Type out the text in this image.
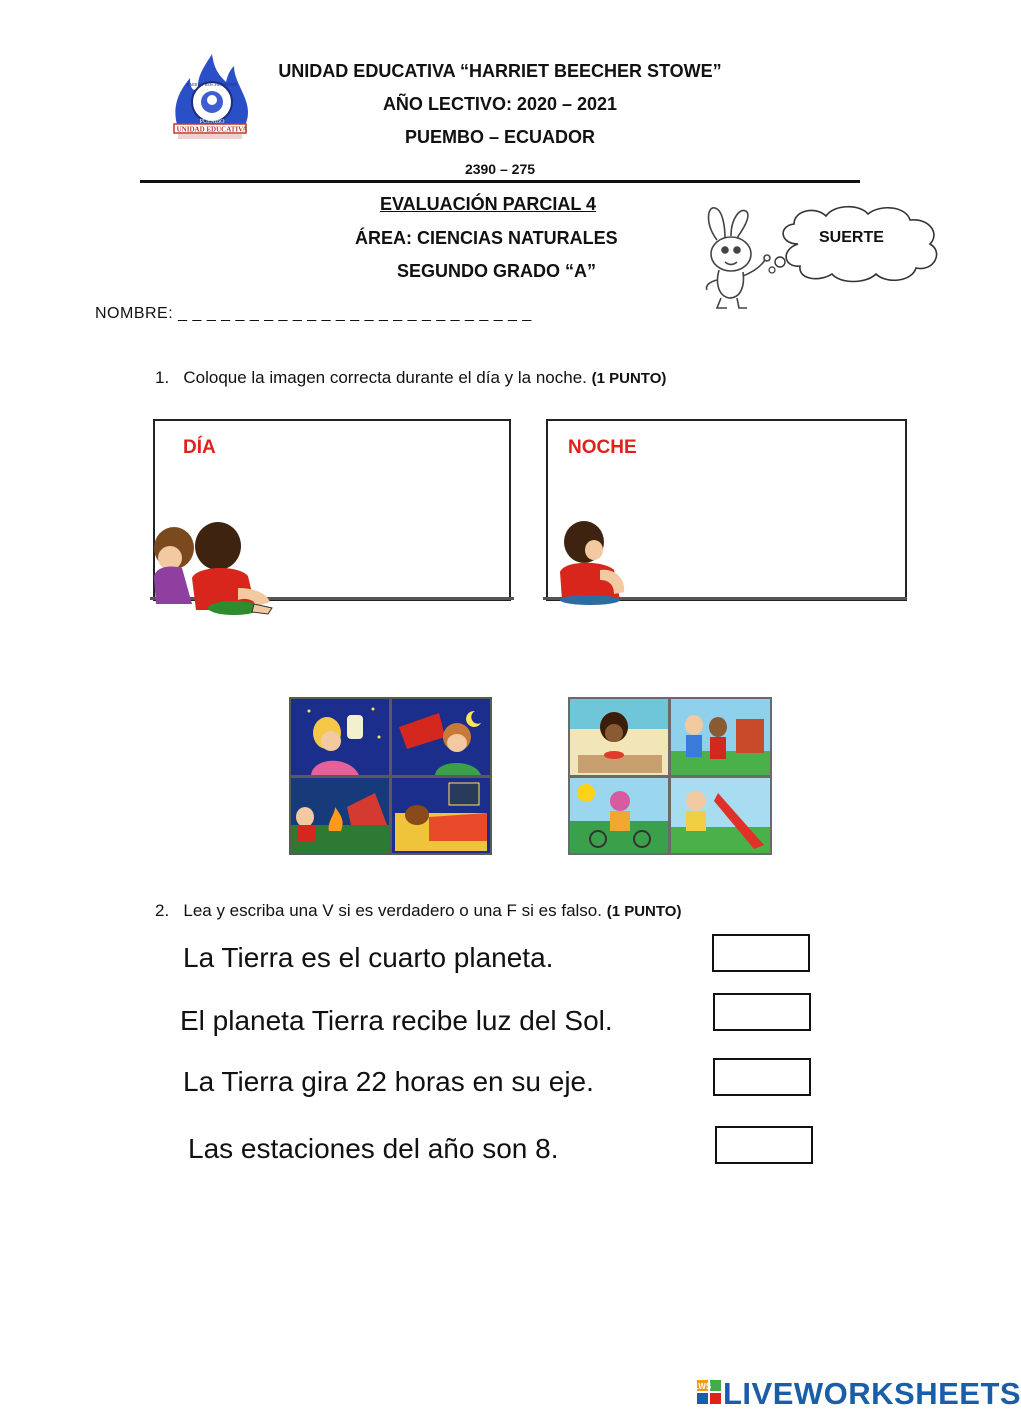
UNIDAD EDUCATIVA
PUEMBO
HARRIET BEECHER STOWE
UNIDAD EDUCATIVA “HARRIET BEECHER STOWE”
AÑO LECTIVO: 2020 – 2021
PUEMBO – ECUADOR
2390 – 275
EVALUACIÓN PARCIAL 4
ÁREA: CIENCIAS NATURALES
SEGUNDO GRADO “A”
SUERTE
NOMBRE: _ _ _ _ _ _ _ _ _ _ _ _ _ _ _ _ _ _ _ _ _ _ _ _ _
1. Coloque la imagen correcta durante el día y la noche. (1 PUNTO)
DÍA	NOCHE
2. Lea y escriba una V si es verdadero o una F si es falso. (1 PUNTO)
La Tierra es el cuarto planeta.
El planeta Tierra recibe luz del Sol.
La Tierra gira 22 horas en su eje.
Las estaciones del año son 8.
LWS LIVEWORKSHEETS
